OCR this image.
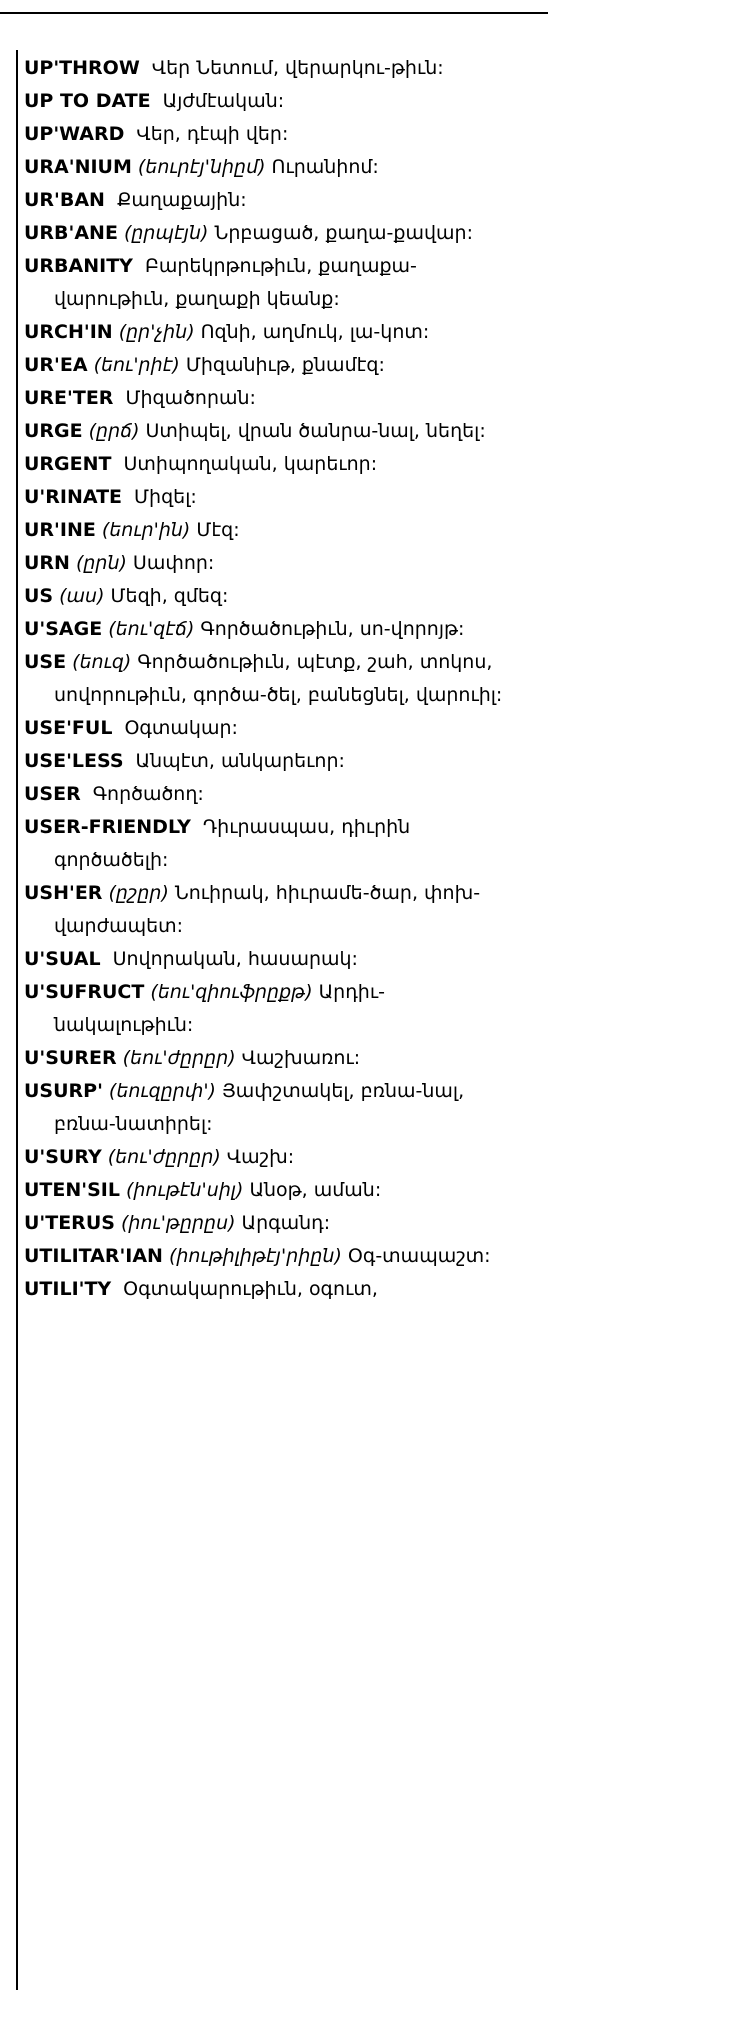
UP'THROW Վեր Նետում, վերարկու-թիւն:
UP TO DATE Այժմէական:
UP'WARD Վեր, դէպի վեր:
URA'NIUM (եուրէյ'նիըմ) Ուրանիոմ:
UR'BAN Քաղաքային:
URB'ANE (ըրպէյն) Նրբացած, քաղա-քավար:
URBANITY Բարեկրթութիւն, քաղաքա-վարութիւն, քաղաքի կեանք:
URCH'IN (ըր'չին) Ոզնի, աղմուկ, լա-կոտ:
UR'EA (եու'րիէ) Միզանիւթ, քնամէզ:
URE'TER Միզածորան:
URGE (ըրճ) Ստիպել, վրան ծանրա-նալ, նեղել:
URGENT Ստիպողական, կարեւոր:
U'RINATE Միզել:
UR'INE (եուր'ին) Մէզ:
URN (ըրն) Սափոր:
US (աս) Մեզի, զմեզ:
U'SAGE (եու'զէճ) Գործածութիւն, սո-վորոյթ:
USE (եուզ) Գործածութիւն, պէտք, շահ, տոկոս, սովորութիւն, գործա-ծել, բանեցնել, վարուիլ:
USE'FUL Օգտակար:
USE'LESS Անպէտ, անկարեւոր:
USER Գործածող:
USER-FRIENDLY Դիւրասպաս, դիւրին գործածելի:
USH'ER (ըշըր) Նուիրակ, հիւրամե-ծար, փոխ-վարժապետ:
U'SUAL Սովորական, հասարակ:
U'SUFRUCT (եու'զիուֆրըքթ) Արդիւ-նակալութիւն:
U'SURER (եու'ժըրըր) Վաշխառու:
USURP' (եուզըրփ') Յափշտակել, բռնա-նալ, բռնա-նատիրել:
U'SURY (եու'ժըրըր) Վաշխ:
UTEN'SIL (իութէն'սիլ) Անօթ, աման:
U'TERUS (իու'թըրըս) Արգանդ:
UTILITAR'IAN (իութիլիթէյ'րիըն) Օգ-տապաշտ:
UTILI'TY Օգտակարութիւն, օգուտ,
